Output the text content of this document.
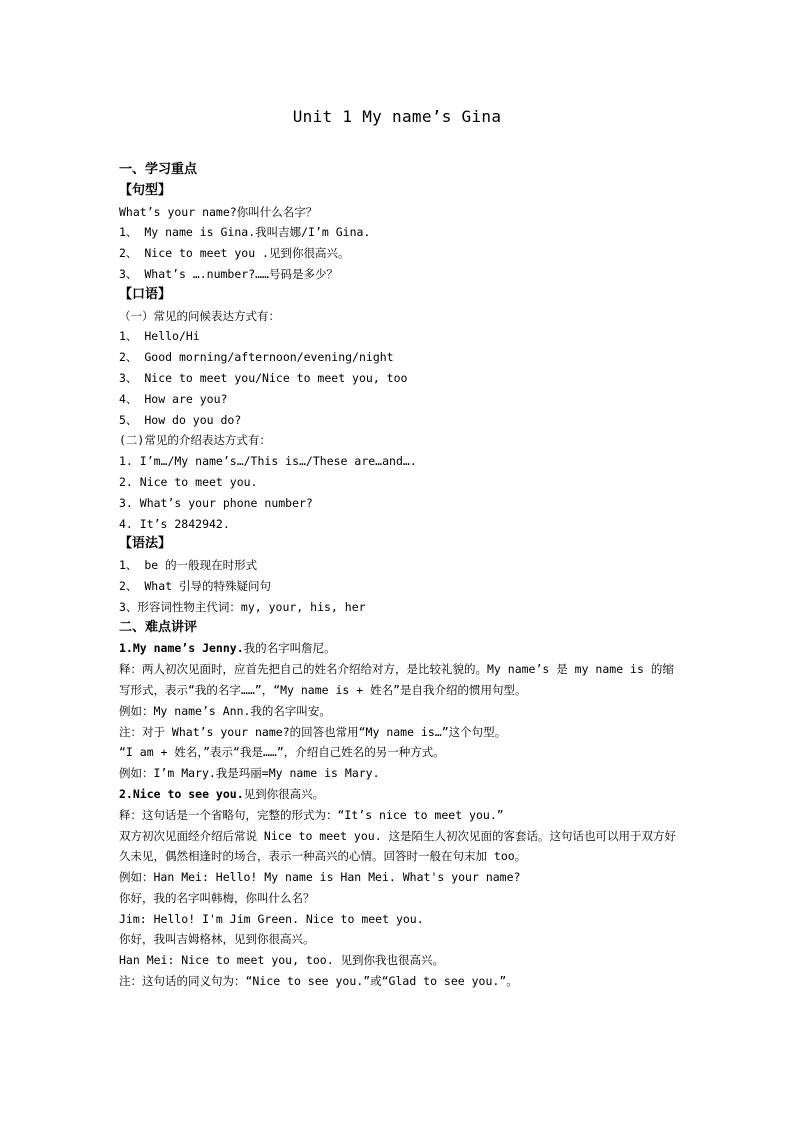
Unit 1 My name’s Gina
一、学习重点
【句型】
What’s your name?你叫什么名字？
1、 My name is Gina.我叫吉娜/I’m Gina.
2、 Nice to meet you .见到你很高兴。
3、 What’s ….number?……号码是多少？
【口语】
（一）常见的问候表达方式有：
1、 Hello/Hi
2、 Good morning/afternoon/evening/night
3、 Nice to meet you/Nice to meet you, too
4、 How are you?
5、 How do you do?
(二)常见的介绍表达方式有：
1. I’m…/My name’s…/This is…/These are…and….
2. Nice to meet you.
3. What’s your phone number?
4. It’s 2842942.
【语法】
1、 be 的一般现在时形式
2、 What 引导的特殊疑问句
3、形容词性物主代词：my, your, his, her
二、难点讲评
1.My name’s Jenny.我的名字叫詹尼。
释：两人初次见面时，应首先把自己的姓名介绍给对方，是比较礼貌的。My name’s 是 my name is 的缩写形式，表示“我的名字……”，“My name is + 姓名”是自我介绍的惯用句型。
例如：My name’s Ann.我的名字叫安。
注：对于 What’s your name?的回答也常用“My name is…”这个句型。
“I am + 姓名，”表示“我是……”，介绍自己姓名的另一种方式。
例如：I’m Mary.我是玛丽=My name is Mary.
2.Nice to see you.见到你很高兴。
释：这句话是一个省略句，完整的形式为：“It’s nice to meet you.”
双方初次见面经介绍后常说 Nice to meet you. 这是陌生人初次见面的客套话。这句话也可以用于双方好久未见，偶然相逢时的场合，表示一种高兴的心情。回答时一般在句末加 too。
例如：Han Mei: Hello! My name is Han Mei. What's your name?
你好，我的名字叫韩梅，你叫什么名？
Jim: Hello! I'm Jim Green. Nice to meet you.
你好，我叫吉姆格林，见到你很高兴。
Han Mei: Nice to meet you, too. 见到你我也很高兴。
注：这句话的同义句为：“Nice to see you.”或“Glad to see you.”。
